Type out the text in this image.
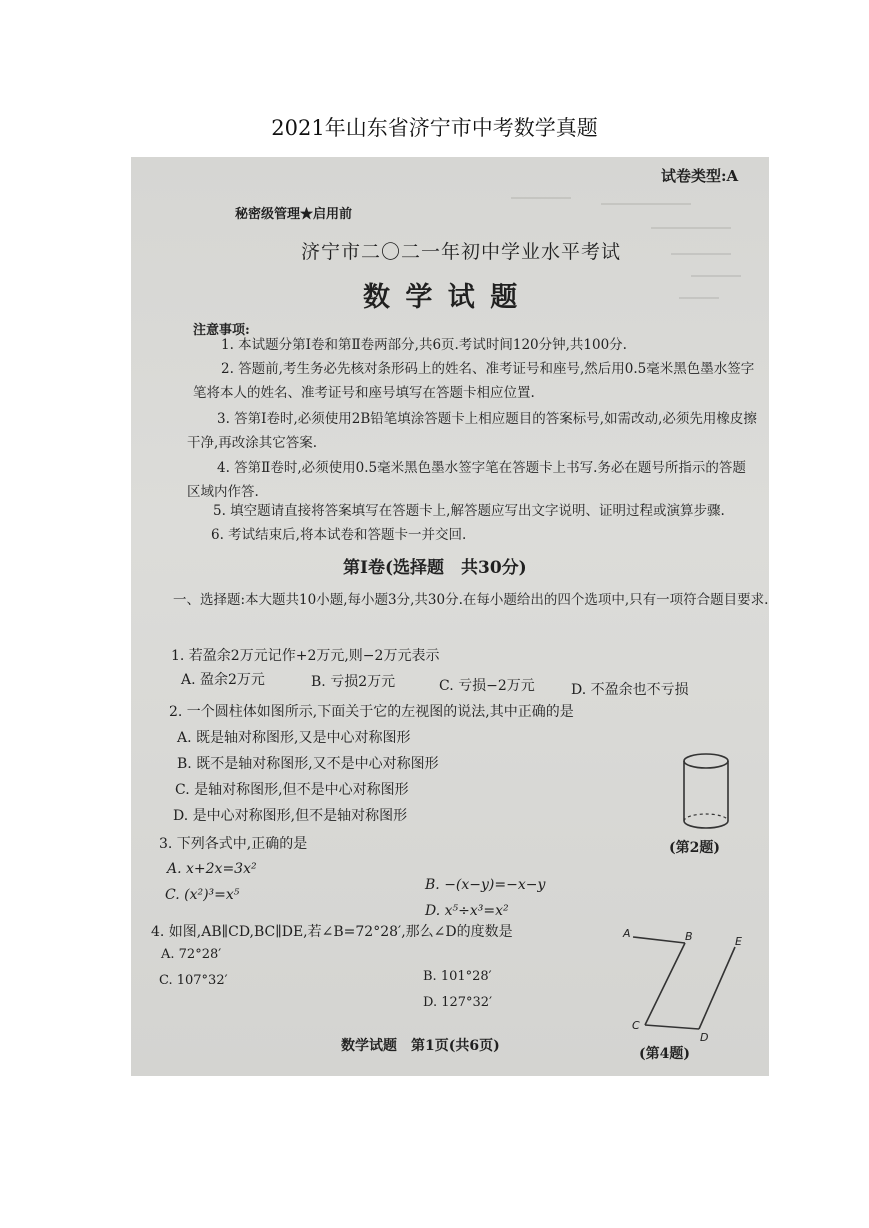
2021年山东省济宁市中考数学真题
试卷类型:A
秘密级管理★启用前
济宁市二〇二一年初中学业水平考试
数 学 试 题
注意事项:
1. 本试题分第Ⅰ卷和第Ⅱ卷两部分,共6页.考试时间120分钟,共100分.
2. 答题前,考生务必先核对条形码上的姓名、准考证号和座号,然后用0.5毫米黑色墨水签字笔将本人的姓名、准考证号和座号填写在答题卡相应位置.
3. 答第Ⅰ卷时,必须使用2B铅笔填涂答题卡上相应题目的答案标号,如需改动,必须先用橡皮擦干净,再改涂其它答案.
4. 答第Ⅱ卷时,必须使用0.5毫米黑色墨水签字笔在答题卡上书写.务必在题号所指示的答题区域内作答.
5. 填空题请直接将答案填写在答题卡上,解答题应写出文字说明、证明过程或演算步骤.
6. 考试结束后,将本试卷和答题卡一并交回.
第Ⅰ卷(选择题　共30分)
一、选择题:本大题共10小题,每小题3分,共30分.在每小题给出的四个选项中,只有一项符合题目要求.
1. 若盈余2万元记作+2万元,则−2万元表示
A. 盈余2万元	B. 亏损2万元	C. 亏损−2万元	D. 不盈余也不亏损
2. 一个圆柱体如图所示,下面关于它的左视图的说法,其中正确的是
A. 既是轴对称图形,又是中心对称图形
B. 既不是轴对称图形,又不是中心对称图形
C. 是轴对称图形,但不是中心对称图形
D. 是中心对称图形,但不是轴对称图形
(第2题)
3. 下列各式中,正确的是
A. x+2x=3x²
B. −(x−y)=−x−y
C. (x²)³=x⁵
D. x⁵÷x³=x²
4. 如图,AB∥CD,BC∥DE,若∠B=72°28′,那么∠D的度数是
A. 72°28′
B. 101°28′
C. 107°32′
D. 127°32′
A	B	E
C
D
(第4题)
数学试题　第1页(共6页)
